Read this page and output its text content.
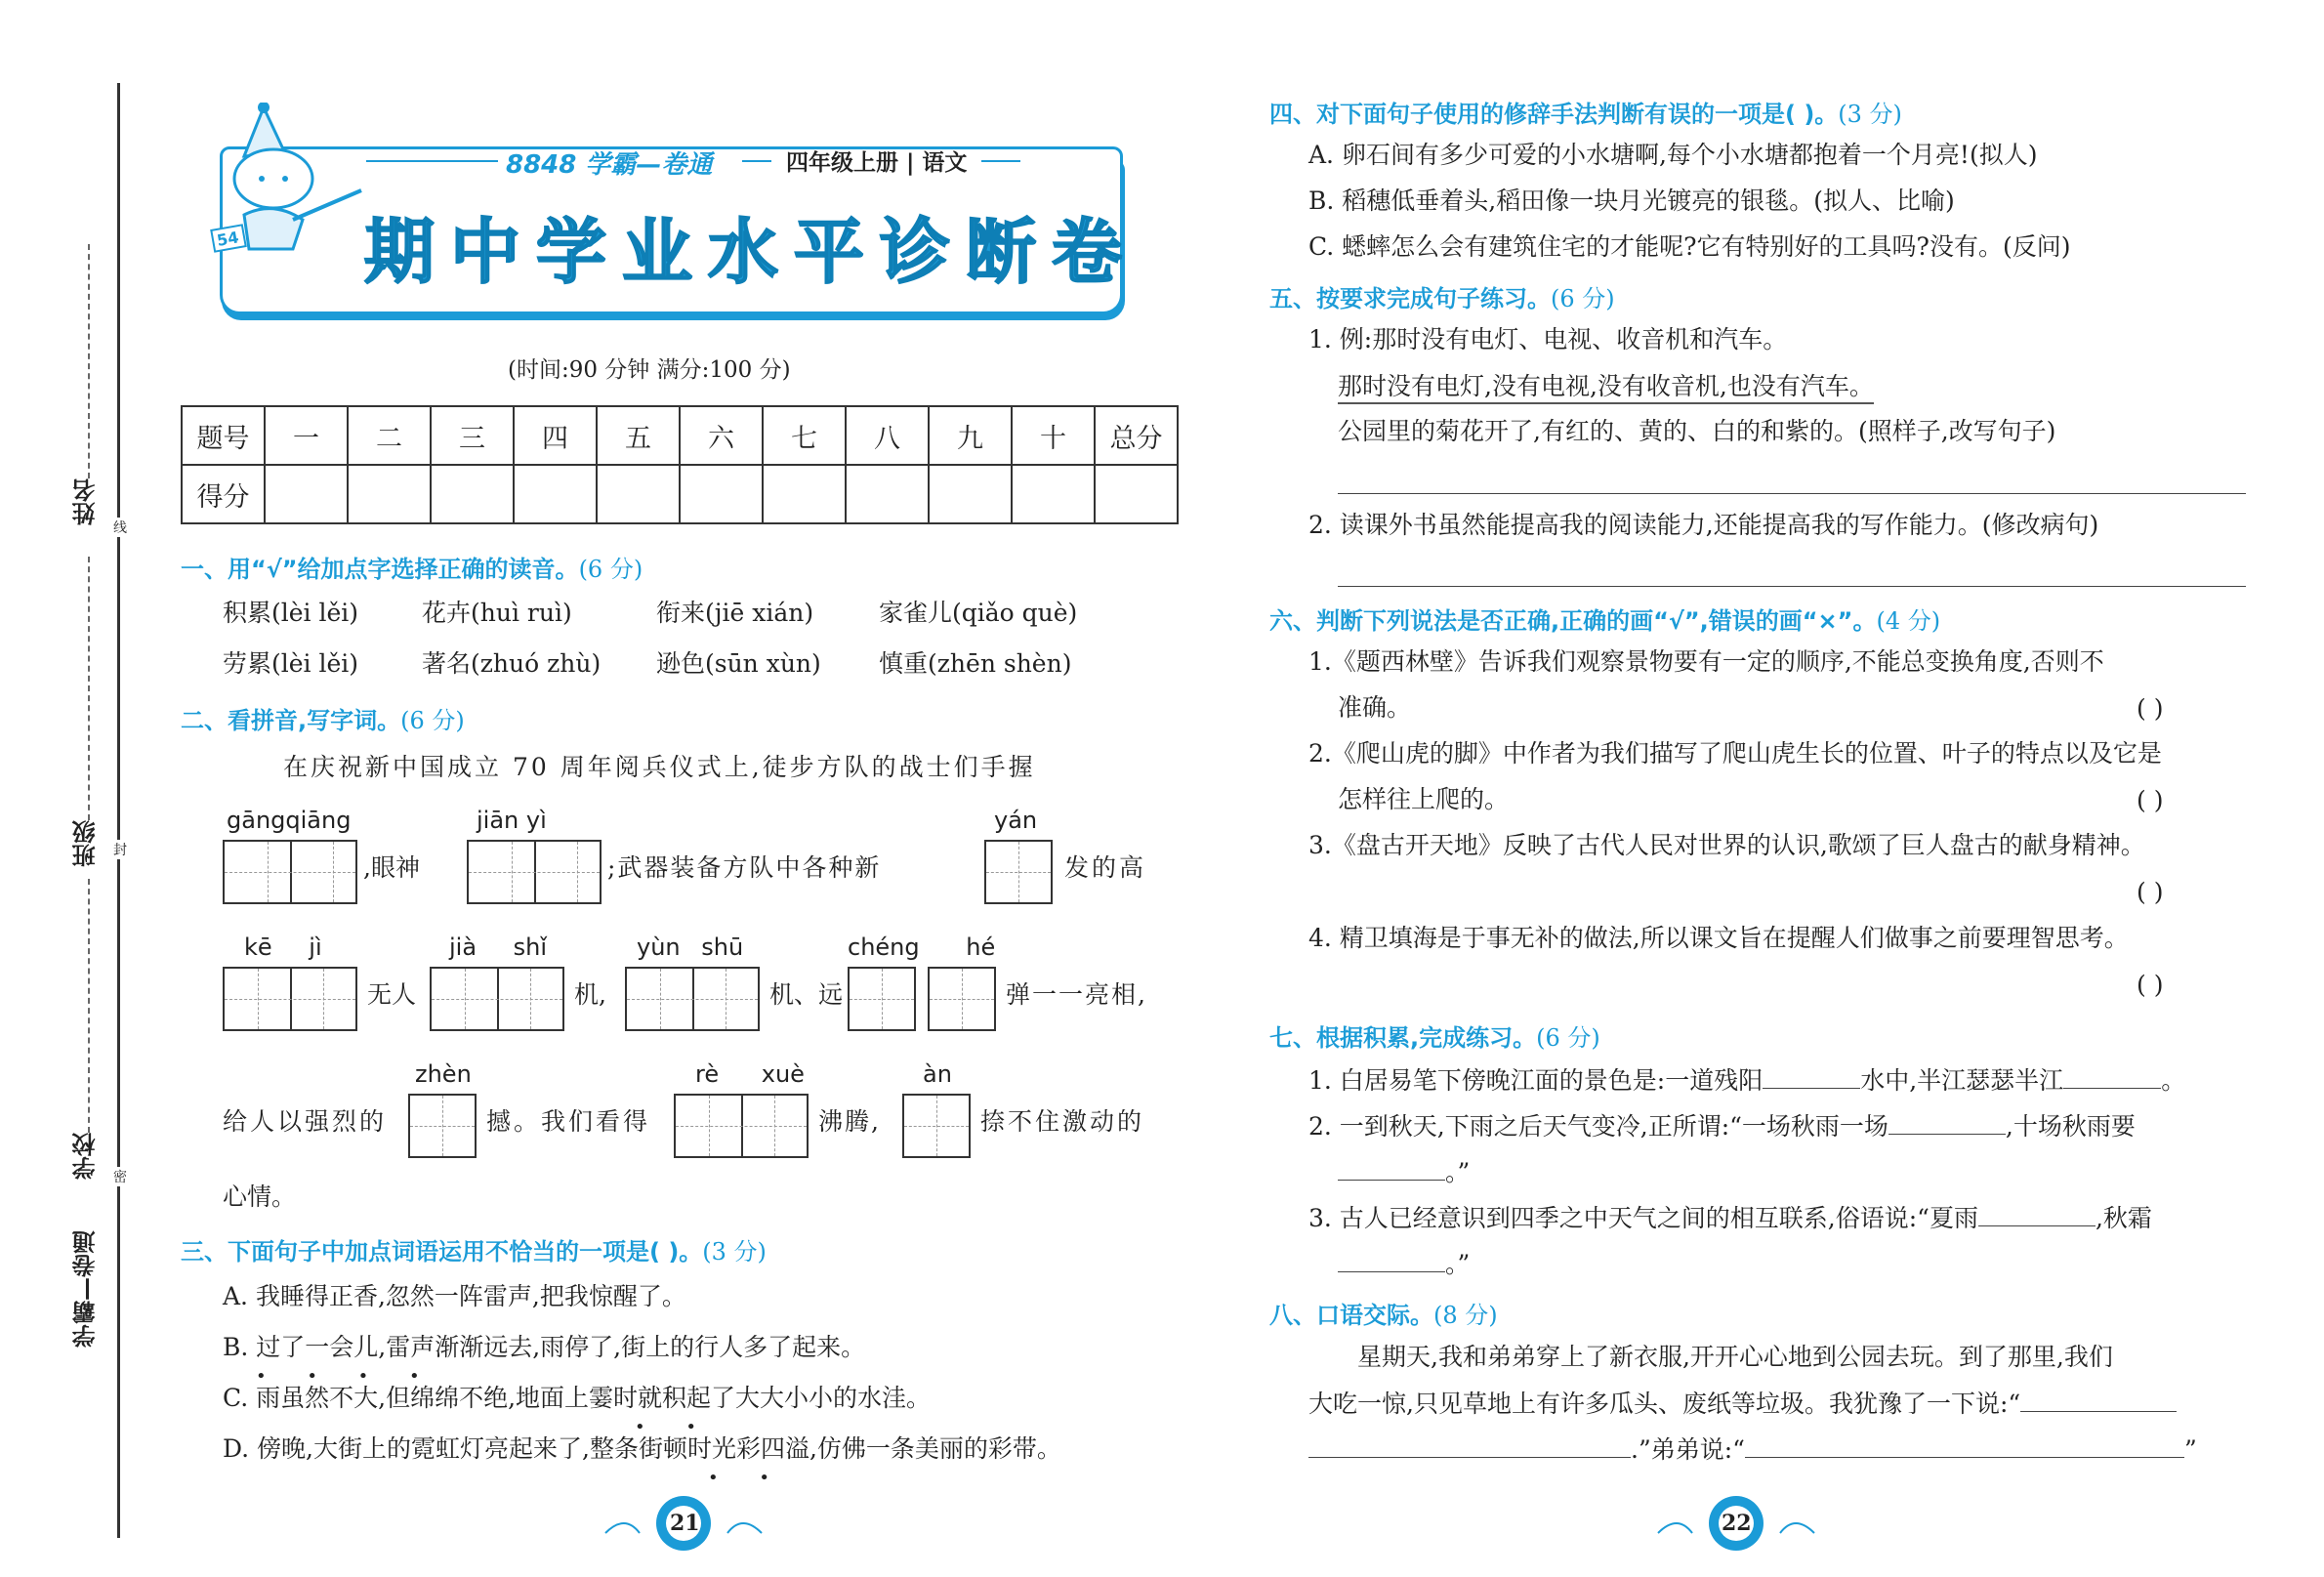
姓名
班级
学校
学霸—卷通
线
封
密
54
8848 学霸—卷通	四年级上册 | 语文
期中学业水平诊断卷
(时间:90 分钟 满分:100 分)
题号	一	二	三	四	五	六	七	八	九	十	总分
得分											
一、用“√”给加点字选择正确的读音。(6 分)
积累(lèi lěi)	花卉(huì ruì)	衔来(jiē xián)	家雀儿(qiǎo què)
劳累(lèi lěi)	著名(zhuó zhù) 逊色(sūn xùn) 慎重(zhēn shèn)
二、看拼音,写字词。(6 分)
在庆祝新中国成立 70 周年阅兵仪式上,徒步方队的战士们手握
gāngqiāng
,眼神
jiān yì
;武器装备方队中各种新
yán
发的高
kē jì
无人
jià shǐ
机,
yùn shū
机、远
chéng hé
弹一一亮相,
给人以强烈的
zhèn
撼。我们看得
rè xuè
沸腾,
àn
捺不住激动的
心情。
三、下面句子中加点词语运用不恰当的一项是( )。(3 分)
A. 我睡得正香,忽然一阵雷声,把我惊醒了。
B. 过了一会儿,雷声渐渐远去,雨停了,街上的行人多了起来。
C. 雨虽然不大,但绵绵不绝,地面上霎时就积起了大大小小的水洼。
D. 傍晚,大街上的霓虹灯亮起来了,整条街顿时光彩四溢,仿佛一条美丽的彩带。
• • • •
• •
• •
21
四、对下面句子使用的修辞手法判断有误的一项是( )。(3 分)
A. 卵石间有多少可爱的小水塘啊,每个小水塘都抱着一个月亮!(拟人)
B. 稻穗低垂着头,稻田像一块月光镀亮的银毯。(拟人、比喻)
C. 蟋蟀怎么会有建筑住宅的才能呢?它有特别好的工具吗?没有。(反问)
五、按要求完成句子练习。(6 分)
1. 例:那时没有电灯、电视、收音机和汽车。
那时没有电灯,没有电视,没有收音机,也没有汽车。
公园里的菊花开了,有红的、黄的、白的和紫的。(照样子,改写句子)
2. 读课外书虽然能提高我的阅读能力,还能提高我的写作能力。(修改病句)
六、判断下列说法是否正确,正确的画“√”,错误的画“×”。(4 分)
1.《题西林壁》告诉我们观察景物要有一定的顺序,不能总变换角度,否则不
准确。	( )
2.《爬山虎的脚》中作者为我们描写了爬山虎生长的位置、叶子的特点以及它是
怎样往上爬的。	( )
3.《盘古开天地》反映了古代人民对世界的认识,歌颂了巨人盘古的献身精神。
( )
4. 精卫填海是于事无补的做法,所以课文旨在提醒人们做事之前要理智思考。
( )
七、根据积累,完成练习。(6 分)
1. 白居易笔下傍晚江面的景色是:一道残阳	水中,半江瑟瑟半江	。
2. 一到秋天,下雨之后天气变冷,正所谓:“一场秋雨一场	,十场秋雨要
。”
3. 古人已经意识到四季之中天气之间的相互联系,俗语说:“夏雨	,秋霜
。”
八、口语交际。(8 分)
星期天,我和弟弟穿上了新衣服,开开心心地到公园去玩。到了那里,我们
大吃一惊,只见草地上有许多瓜头、废纸等垃圾。我犹豫了一下说:“
.”弟弟说:“	”
22
